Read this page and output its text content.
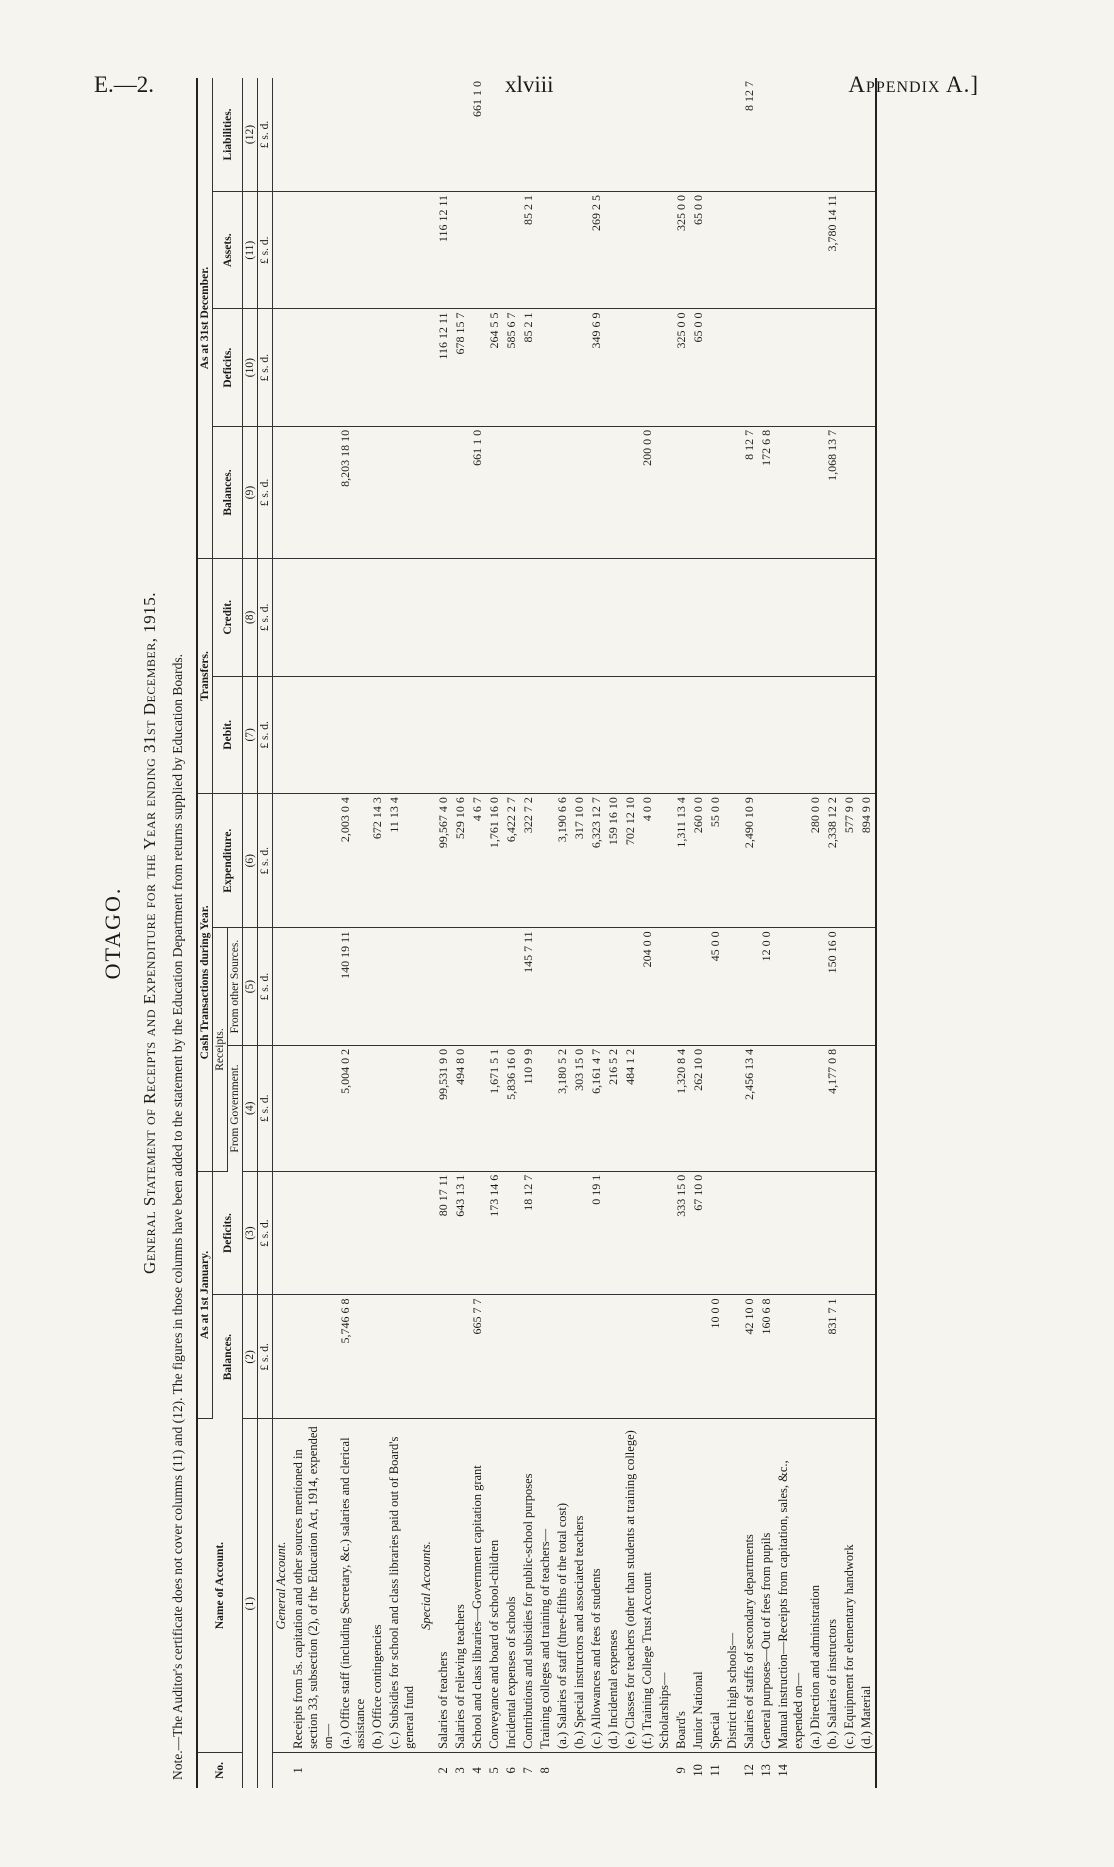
E.—2.	xlviii	Appendix A.]
OTAGO. General Statement of Receipts and Expenditure for the Year ending 31st December, 1915. Note.—The Auditor's certificate does not cover columns (11) and (12). The figures in those columns have been added to the statement by the Education Department from returns supplied by Education Boards.	No.	Name of Account.	As at 1st January.		Cash Transactions during Year.			Transfers.		As at 31st December.			
		Balances.	Deficits.	Receipts.		Expenditure.	Debit.	Credit.	Balances.	Deficits.	Assets.	Liabilities.
				From Government.	From other Sources.							
(1)		(2)	(3)	(4)	(5)	(6)	(7)	(8)	(9)	(10)	(11)	(12)
		£ s. d.	£ s. d.	£ s. d.	£ s. d.	£ s. d.	£ s. d.	£ s. d.	£ s. d.	£ s. d.	£ s. d.	£ s. d.
	General Account.											
1	Receipts from 5s. capitation and other sources mentioned in section 33, subsection (2), of the Education Act, 1914, expended on—											
	(a.) Office staff (including Secretary, &c.) salaries and clerical assistance	5,746 6 8		5,004 0 2	140 19 11	2,003 0 4			8,203 18 10			
	(b.) Office contingencies					672 14 3						
	(c.) Subsidies for school and class libraries paid out of Board's general fund					11 13 4						
	Special Accounts.											
2	Salaries of teachers		80 17 11	99,531 9 0		99,567 4 0				116 12 11	116 12 11	
3	Salaries of relieving teachers		643 13 1	494 8 0		529 10 6				678 15 7		
4	School and class libraries—Government capitation grant	665 7 7				4 6 7			661 1 0			661 1 0
5	Conveyance and board of school-children		173 14 6	1,671 5 1		1,761 16 0				264 5 5		
6	Incidental expenses of schools			5,836 16 0		6,422 2 7				585 6 7		
7	Contributions and subsidies for public-school purposes		18 12 7	110 9 9	145 7 11	322 7 2				85 2 1	85 2 1	
8	Training colleges and training of teachers—											
	(a.) Salaries of staff (three-fifths of the total cost)			3,180 5 2		3,190 6 6						
	(b.) Special instructors and associated teachers			303 15 0		317 10 0						
	(c.) Allowances and fees of students		0 19 1	6,161 4 7		6,323 12 7				349 6 9	269 2 5	
	(d.) Incidental expenses			216 5 2		159 16 10						
	(e.) Classes for teachers (other than students at training college)			484 1 2		702 12 10						
	(f.) Training College Trust Account				204 0 0	4 0 0			200 0 0			
	Scholarships—											
9	Board's		333 15 0	1,320 8 4		1,311 13 4				325 0 0	325 0 0	
10	Junior National		67 10 0	262 10 0		260 0 0				65 0 0	65 0 0	
11	Special	10 0 0			45 0 0	55 0 0						
	District high schools—											
12	Salaries of staffs of secondary departments	42 10 0		2,456 13 4		2,490 10 9			8 12 7			8 12 7
13	General purposes—Out of fees from pupils	160 6 8			12 0 0				172 6 8			
14	Manual instruction—Receipts from capitation, sales, &c., expended on—											
	(a.) Direction and administration					280 0 0						
	(b.) Salaries of instructors	831 7 1		4,177 0 8	150 16 0	2,338 12 2			1,068 13 7		3,780 14 11	
	(c.) Equipment for elementary handwork					577 9 0						
	(d.) Material					894 9 0						
